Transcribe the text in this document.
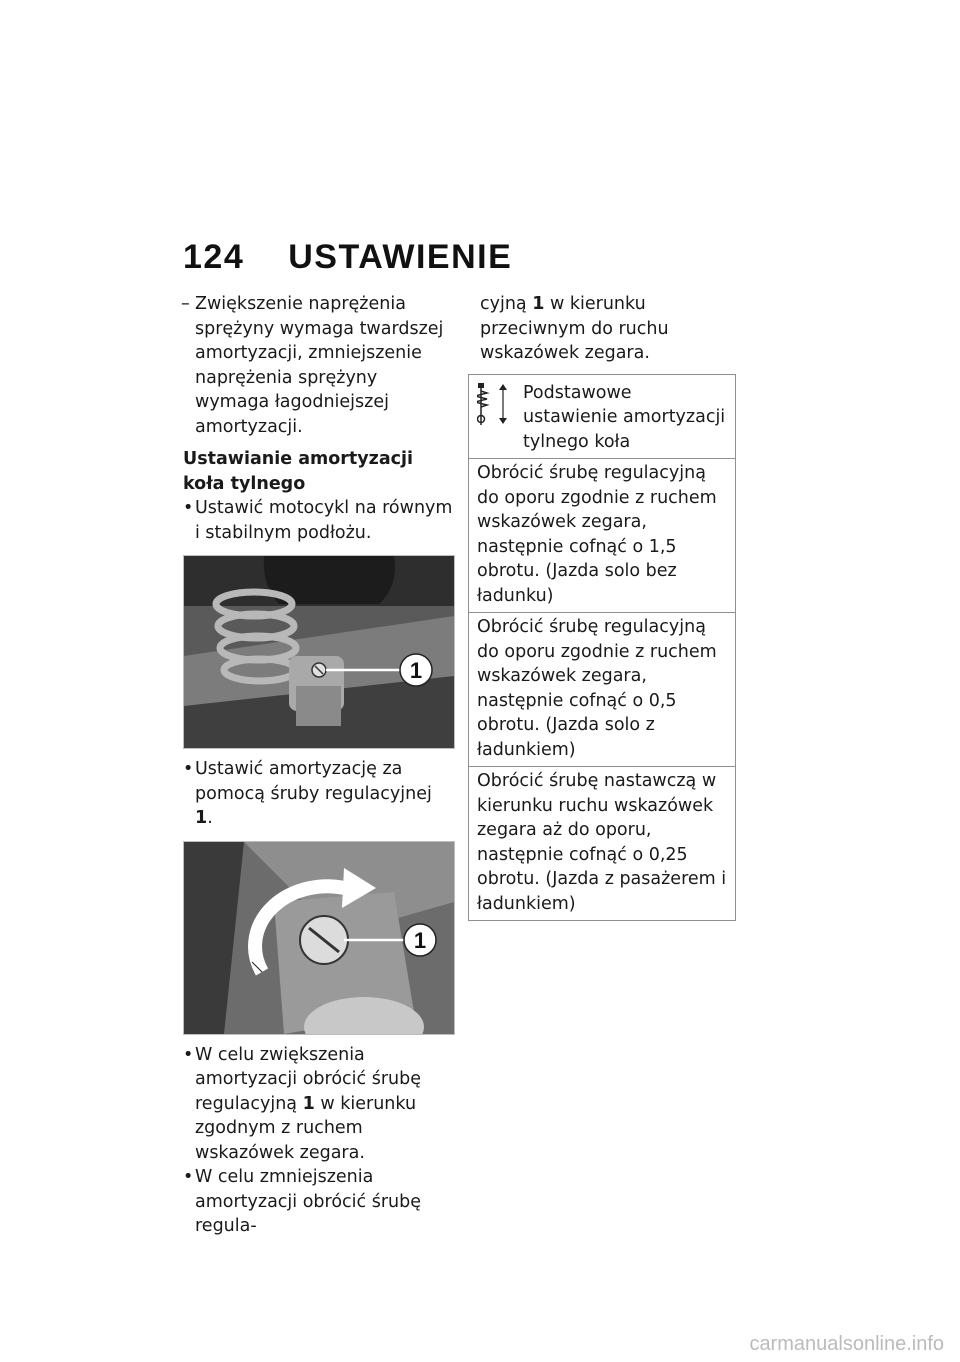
124 USTAWIENIE
– Zwiększenie naprężenia sprężyny wymaga twardszej amortyzacji, zmniejszenie naprężenia sprężyny wymaga łagodniejszej amortyzacji.
Ustawianie amortyzacji koła tylnego
• Ustawić motocykl na równym i stabilnym podłożu.
1
• Ustawić amortyzację za pomocą śruby regulacyjnej 1.
1
• W celu zwiększenia amortyzacji obrócić śrubę regulacyjną 1 w kierunku zgodnym z ruchem wskazówek zegara.
• W celu zmniejszenia amortyzacji obrócić śrubę regula-
cyjną 1 w kierunku przeciwnym do ruchu wskazówek zegara.
Podstawowe ustawienie amortyzacji tylnego koła

Obrócić śrubę regulacyjną do oporu zgodnie z ruchem wskazówek zegara, następnie cofnąć o 1,5 obrotu. (Jazda solo bez ładunku)
Obrócić śrubę regulacyjną do oporu zgodnie z ruchem wskazówek zegara, następnie cofnąć o 0,5 obrotu. (Jazda solo z ładunkiem)
Obrócić śrubę nastawczą w kierunku ruchu wskazówek zegara aż do oporu, następnie cofnąć o 0,25 obrotu. (Jazda z pasażerem i ładunkiem)
carmanualsonline.info
